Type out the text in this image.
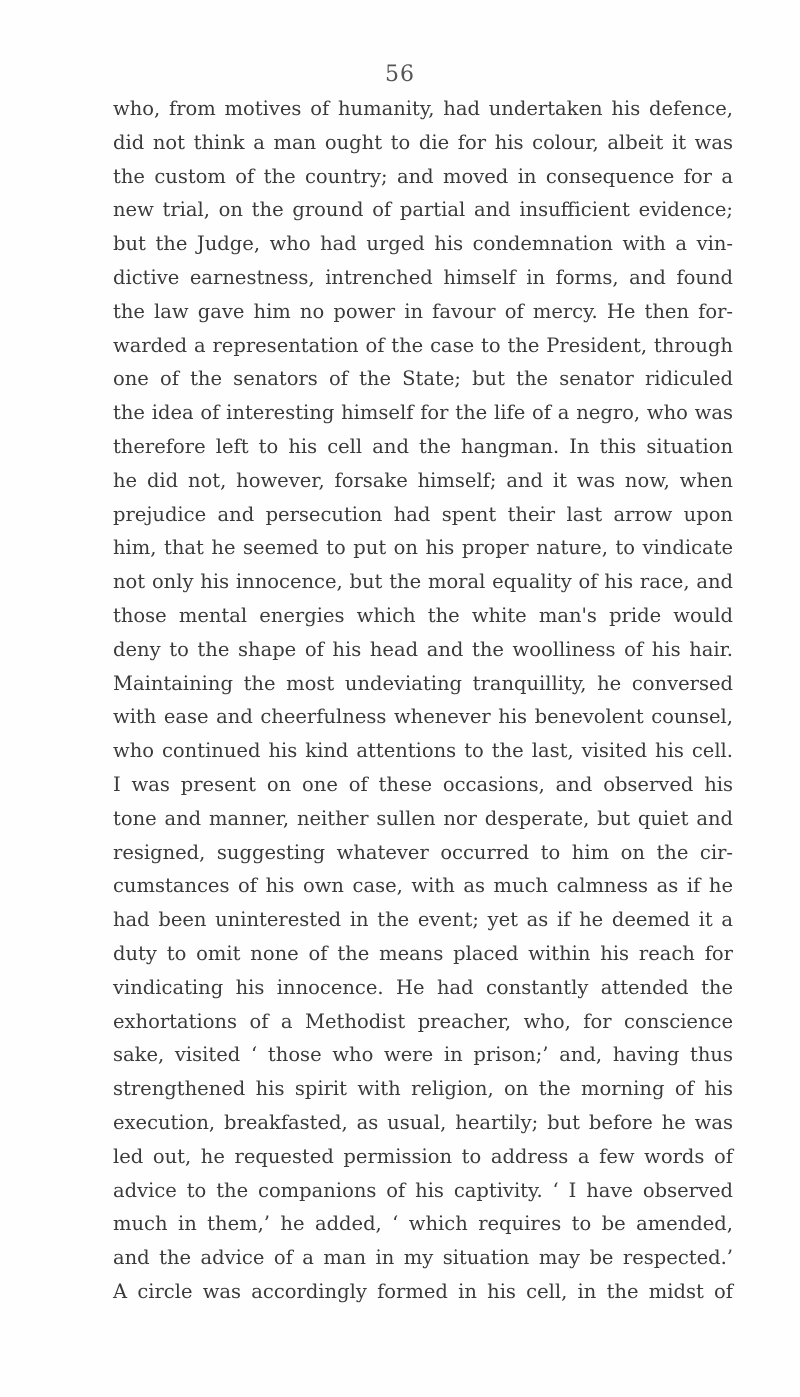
56
who, from motives of humanity, had undertaken his defence,
did not think a man ought to die for his colour, albeit it was
the custom of the country; and moved in consequence for a
new trial, on the ground of partial and insufficient evidence;
but the Judge, who had urged his condemnation with a vin-
dictive earnestness, intrenched himself in forms, and found
the law gave him no power in favour of mercy. He then for-
warded a representation of the case to the President, through
one of the senators of the State; but the senator ridiculed
the idea of interesting himself for the life of a negro, who was
therefore left to his cell and the hangman. In this situation
he did not, however, forsake himself; and it was now, when
prejudice and persecution had spent their last arrow upon
him, that he seemed to put on his proper nature, to vindicate
not only his innocence, but the moral equality of his race, and
those mental energies which the white man's pride would
deny to the shape of his head and the woolliness of his hair.
Maintaining the most undeviating tranquillity, he conversed
with ease and cheerfulness whenever his benevolent counsel,
who continued his kind attentions to the last, visited his cell.
I was present on one of these occasions, and observed his
tone and manner, neither sullen nor desperate, but quiet and
resigned, suggesting whatever occurred to him on the cir-
cumstances of his own case, with as much calmness as if he
had been uninterested in the event; yet as if he deemed it a
duty to omit none of the means placed within his reach for
vindicating his innocence. He had constantly attended the
exhortations of a Methodist preacher, who, for conscience
sake, visited ‘ those who were in prison;’ and, having thus
strengthened his spirit with religion, on the morning of his
execution, breakfasted, as usual, heartily; but before he was
led out, he requested permission to address a few words of
advice to the companions of his captivity. ‘ I have observed
much in them,’ he added, ‘ which requires to be amended,
and the advice of a man in my situation may be respected.’
A circle was accordingly formed in his cell, in the midst of
